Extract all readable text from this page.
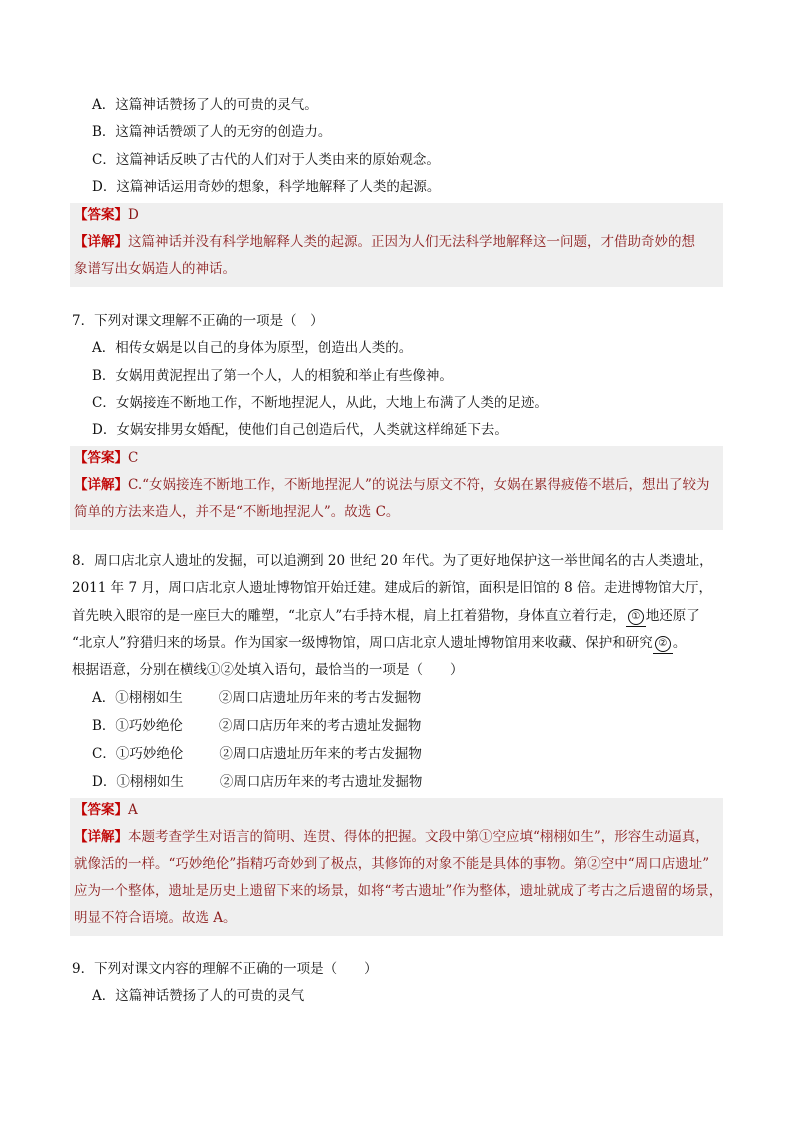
A．这篇神话赞扬了人的可贵的灵气。
B．这篇神话赞颂了人的无穷的创造力。
C．这篇神话反映了古代的人们对于人类由来的原始观念。
D．这篇神话运用奇妙的想象，科学地解释了人类的起源。
【答案】D
【详解】这篇神话并没有科学地解释人类的起源。正因为人们无法科学地解释这一问题，才借助奇妙的想
象谱写出女娲造人的神话。
7．下列对课文理解不正确的一项是（　）
A．相传女娲是以自己的身体为原型，创造出人类的。
B．女娲用黄泥捏出了第一个人，人的相貌和举止有些像神。
C．女娲接连不断地工作，不断地捏泥人，从此，大地上布满了人类的足迹。
D．女娲安排男女婚配，使他们自己创造后代，人类就这样绵延下去。
【答案】C
【详解】C.“女娲接连不断地工作，不断地捏泥人”的说法与原文不符，女娲在累得疲倦不堪后，想出了较为
简单的方法来造人，并不是“不断地捏泥人”。故选 C。
8．周口店北京人遗址的发掘，可以追溯到 20 世纪 20 年代。为了更好地保护这一举世闻名的古人类遗址，
2011 年 7 月，周口店北京人遗址博物馆开始迁建。建成后的新馆，面积是旧馆的 8 倍。走进博物馆大厅，
首先映入眼帘的是一座巨大的雕塑，“北京人”右手持木棍，肩上扛着猎物，身体直立着行走， ① 地还原了
“北京人”狩猎归来的场景。作为国家一级博物馆，周口店北京人遗址博物馆用来收藏、保护和研究 ② 。
根据语意，分别在横线①②处填入语句，最恰当的一项是（　　）
A．①栩栩如生	②周口店遗址历年来的考古发掘物
B．①巧妙绝伦	②周口店历年来的考古遗址发掘物
C．①巧妙绝伦	②周口店遗址历年来的考古发掘物
D．①栩栩如生	②周口店历年来的考古遗址发掘物
【答案】A
【详解】本题考查学生对语言的简明、连贯、得体的把握。文段中第①空应填“栩栩如生”，形容生动逼真，
就像活的一样。“巧妙绝伦”指精巧奇妙到了极点，其修饰的对象不能是具体的事物。第②空中“周口店遗址”
应为一个整体，遗址是历史上遗留下来的场景，如将“考古遗址”作为整体，遗址就成了考古之后遗留的场景，
明显不符合语境。故选 A。
9．下列对课文内容的理解不正确的一项是（　　）
A．这篇神话赞扬了人的可贵的灵气
